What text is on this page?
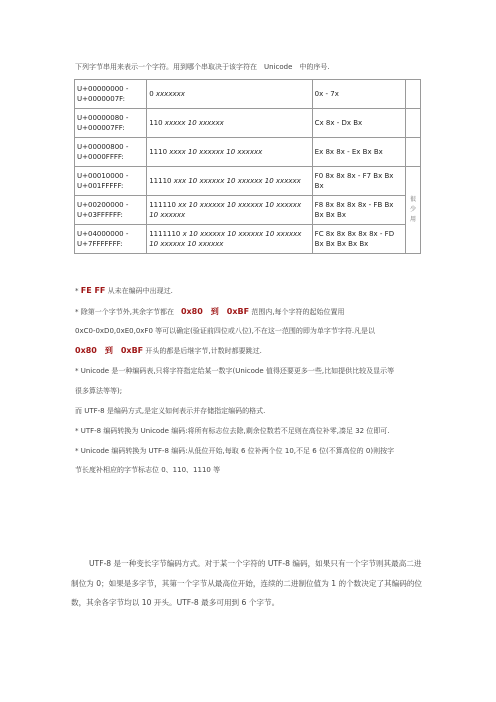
下列字节串用来表示一个字符。用到哪个串取决于该字符在　Unicode　中的序号.
U+00000000 - U+0000007F:	0 xxxxxxx	0x - 7x	
U+00000080 - U+000007FF:	110 xxxxx 10 xxxxxx	Cx 8x - Dx Bx	
U+00000800 - U+0000FFFF:	1110 xxxx 10 xxxxxx 10 xxxxxx	Ex 8x 8x - Ex Bx Bx	
U+00010000 - U+001FFFFF:	11110 xxx 10 xxxxxx 10 xxxxxx 10 xxxxxx	F0 8x 8x 8x - F7 Bx Bx Bx	很少用
U+00200000 - U+03FFFFFF:	111110 xx 10 xxxxxx 10 xxxxxx 10 xxxxxx 10 xxxxxx	F8 8x 8x 8x 8x - FB Bx Bx Bx Bx	
U+04000000 - U+7FFFFFFF:	1111110 x 10 xxxxxx 10 xxxxxx 10 xxxxxx 10 xxxxxx 10 xxxxxx	FC 8x 8x 8x 8x 8x - FD Bx Bx Bx Bx Bx	
* FE FF 从未在编码中出现过.
* 除第一个字节外,其余字节都在　0x80　到　0xBF 范围内,每个字符的起始位置用
0xC0-0xD0,0xE0,0xF0 等可以确定(验证前四位或八位),不在这一范围的即为单字节字符.凡是以
0x80　到　0xBF 开头的都是后继字节,计数时都要跳过.
* Unicode 是一种编码表,只将字符指定给某一数字(Unicode 值得还要更多一些,比如提供比较及显示等
很多算法等等);
而 UTF-8 是编码方式,是定义如何表示并存储指定编码的格式.
* UTF-8 编码转换为 Unicode 编码:将所有标志位去除,剩余位数若不足则在高位补零,凑足 32 位即可.
* Unicode 编码转换为 UTF-8 编码:从低位开始,每取 6 位补两个位 10,不足 6 位(不算高位的 0)则按字
节长度补相应的字节标志位 0、110、1110 等
UTF-8 是一种变长字节编码方式。对于某一个字符的 UTF-8 编码，如果只有一个字节则其最高二进制位为 0；如果是多字节，其第一个字节从最高位开始，连续的二进制位值为 1 的个数决定了其编码的位数，其余各字节均以 10 开头。UTF-8 最多可用到 6 个字节。
